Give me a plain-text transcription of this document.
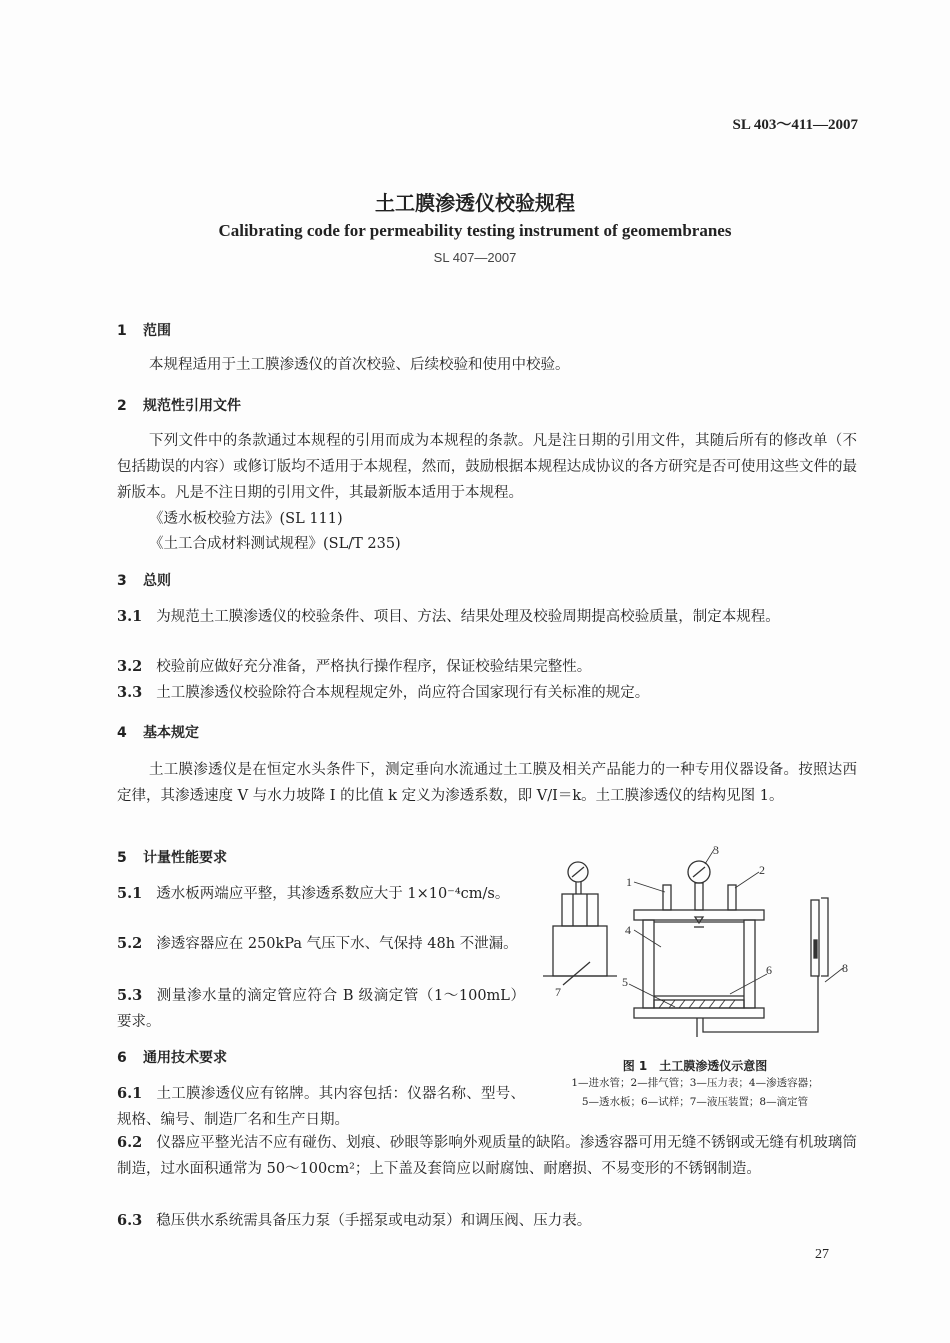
SL 403～411—2007
土工膜渗透仪校验规程
Calibrating code for permeability testing instrument of geomembranes
SL 407—2007
1 范围
本规程适用于土工膜渗透仪的首次校验、后续校验和使用中校验。
2 规范性引用文件
下列文件中的条款通过本规程的引用而成为本规程的条款。凡是注日期的引用文件，其随后所有的修改单（不包括勘误的内容）或修订版均不适用于本规程，然而，鼓励根据本规程达成协议的各方研究是否可使用这些文件的最新版本。凡是不注日期的引用文件，其最新版本适用于本规程。
《透水板校验方法》(SL 111)
《土工合成材料测试规程》(SL/T 235)
3 总则
3.1 为规范土工膜渗透仪的校验条件、项目、方法、结果处理及校验周期提高校验质量，制定本规程。
3.2 校验前应做好充分准备，严格执行操作程序，保证校验结果完整性。
3.3 土工膜渗透仪校验除符合本规程规定外，尚应符合国家现行有关标准的规定。
4 基本规定
土工膜渗透仪是在恒定水头条件下，测定垂向水流通过土工膜及相关产品能力的一种专用仪器设备。按照达西定律，其渗透速度 V 与水力坡降 I 的比值 k 定义为渗透系数，即 V/I＝k。土工膜渗透仪的结构见图 1。
5 计量性能要求
5.1 透水板两端应平整，其渗透系数应大于 1×10⁻⁴cm/s。
5.2 渗透容器应在 250kPa 气压下水、气保持 48h 不泄漏。
5.3 测量渗水量的滴定管应符合 B 级滴定管（1～100mL）要求。
6 通用技术要求
6.1 土工膜渗透仪应有铭牌。其内容包括：仪器名称、型号、规格、编号、制造厂名和生产日期。
6.2 仪器应平整光洁不应有碰伤、划痕、砂眼等影响外观质量的缺陷。渗透容器可用无缝不锈钢或无缝有机玻璃筒制造，过水面积通常为 50～100cm²；上下盖及套筒应以耐腐蚀、耐磨损、不易变形的不锈钢制造。
6.3 稳压供水系统需具备压力泵（手摇泵或电动泵）和调压阀、压力表。
1
2
3
4
5
6
7
8
图 1　土工膜渗透仪示意图
1—进水管；2—排气管；3—压力表；4—渗透容器；
5—透水板；6—试样；7—液压装置；8—滴定管
27
